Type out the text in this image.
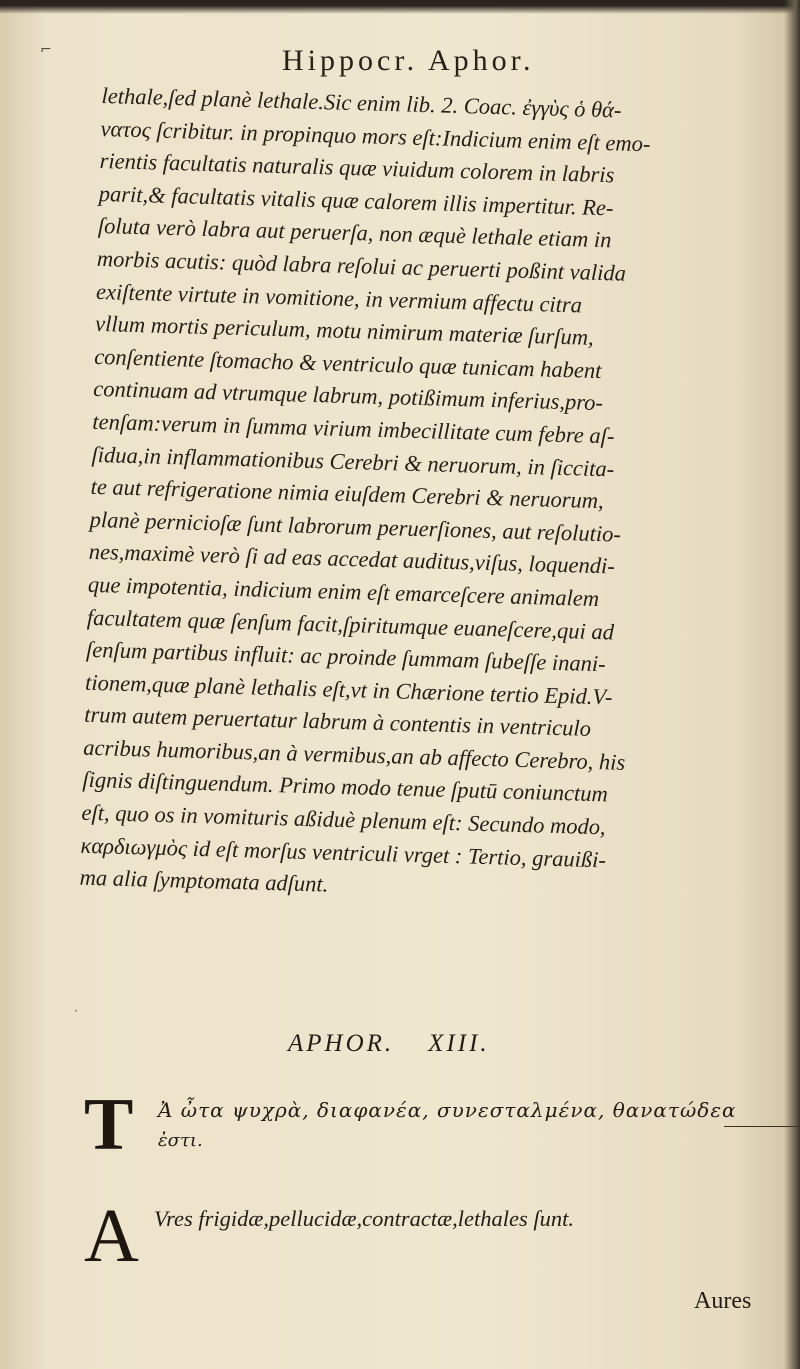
Hippocr. Aphor.
lethale,ſed planè lethale.Sic enim lib. 2. Coac. ἐγγὺς ὁ θά-
νατος ſcribitur. in propinquo mors eſt:Indicium enim eſt emo-
rientis facultatis naturalis quæ viuidum colorem in labris
parit,& facultatis vitalis quæ calorem illis impertitur. Re-
ſoluta verò labra aut peruerſa, non æquè lethale etiam in
morbis acutis: quòd labra reſolui ac peruerti poßint valida
exiſtente virtute in vomitione, in vermium affectu citra
vllum mortis periculum, motu nimirum materiæ ſurſum,
conſentiente ſtomacho & ventriculo quæ tunicam habent
continuam ad vtrumque labrum, potißimum inferius,pro-
tenſam:verum in ſumma virium imbecillitate cum febre aſ-
ſidua,in inflammationibus Cerebri & neruorum, in ſiccita-
te aut refrigeratione nimia eiuſdem Cerebri & neruorum,
planè pernicioſæ ſunt labrorum peruerſiones, aut reſolutio-
nes,maximè verò ſi ad eas accedat auditus,viſus, loquendi-
que impotentia, indicium enim eſt emarceſcere animalem
facultatem quæ ſenſum facit,ſpiritumque euaneſcere,qui ad
ſenſum partibus influit: ac proinde ſummam ſubeſſe inani-
tionem,quæ planè lethalis eſt,vt in Chærione tertio Epid.V-
trum autem peruertatur labrum à contentis in ventriculo
acribus humoribus,an à vermibus,an ab affecto Cerebro, his
ſignis diſtinguendum. Primo modo tenue ſputū coniunctum
eſt, quo os in vomituris aßiduè plenum eſt: Secundo modo,
καρδιωγμὸς id eſt morſus ventriculi vrget : Tertio, grauißi-
ma alia ſymptomata adſunt.
APHOR. XIII.
T Ἀ ὦτα ψυχρὰ, διαφανέα, συνεσταλμένα, θανατώδεα
ἐστι.
A Vres frigidæ,pellucidæ,contractæ,lethales ſunt.
Aures
⌐
·
